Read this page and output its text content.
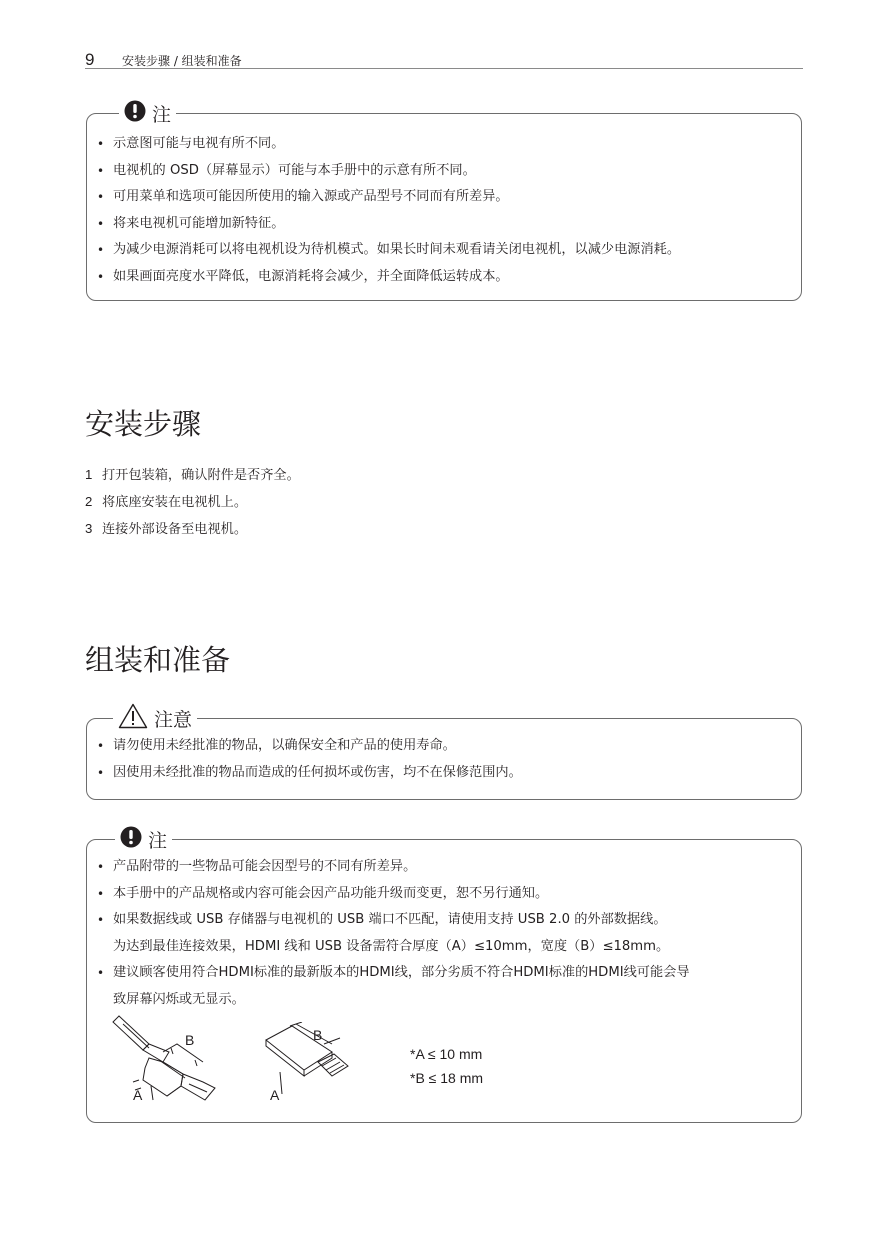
9 安装步骤 / 组装和准备
注
• 示意图可能与电视有所不同。
• 电视机的 OSD（屏幕显示）可能与本手册中的示意有所不同。
• 可用菜单和选项可能因所使用的输入源或产品型号不同而有所差异。
• 将来电视机可能增加新特征。
• 为减少电源消耗可以将电视机设为待机模式。如果长时间未观看请关闭电视机，以减少电源消耗。
• 如果画面亮度水平降低，电源消耗将会减少，并全面降低运转成本。
安装步骤
1 打开包装箱，确认附件是否齐全。
2 将底座安装在电视机上。
3 连接外部设备至电视机。
组装和准备
注意
• 请勿使用未经批准的物品，以确保安全和产品的使用寿命。
• 因使用未经批准的物品而造成的任何损坏或伤害，均不在保修范围内。
注
• 产品附带的一些物品可能会因型号的不同有所差异。
• 本手册中的产品规格或内容可能会因产品功能升级而变更，恕不另行通知。
• 如果数据线或 USB 存储器与电视机的 USB 端口不匹配，请使用支持 USB 2.0 的外部数据线。
为达到最佳连接效果，HDMI 线和 USB 设备需符合厚度（A）≤10mm，宽度（B）≤18mm。
• 建议顾客使用符合HDMI标准的最新版本的HDMI线，部分劣质不符合HDMI标准的HDMI线可能会导
致屏幕闪烁或无显示。
B
A
B
A
*A ≤ 10 mm
*B ≤ 18 mm
